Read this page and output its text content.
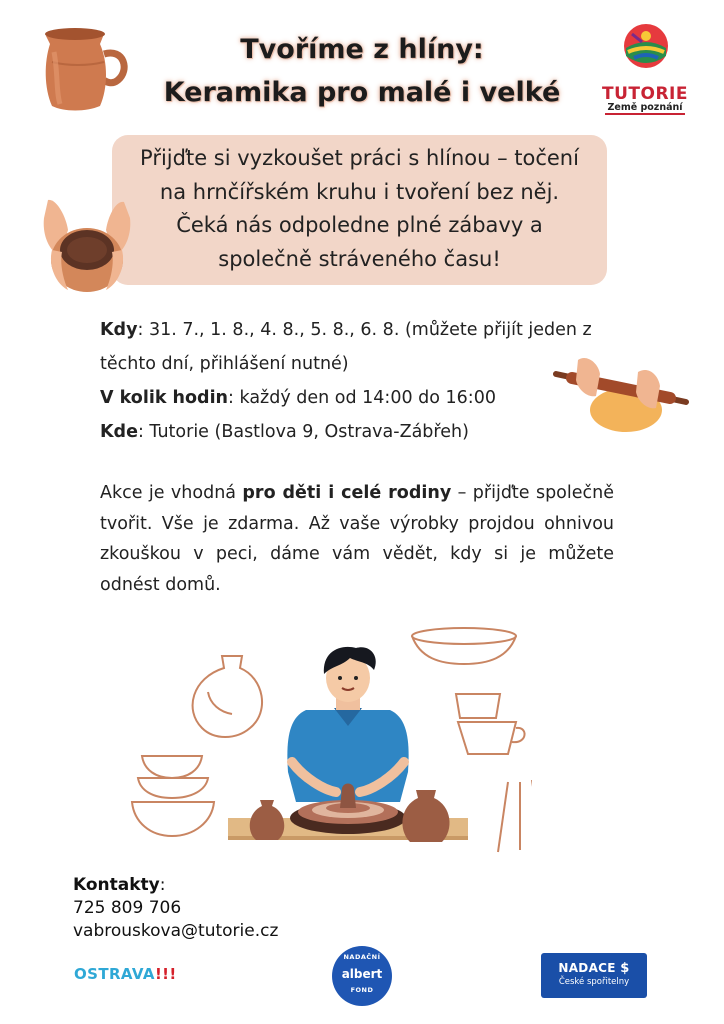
Tvoříme z hlíny:
Keramika pro malé i velké	TUTORIE
Země poznání
Přijďte si vyzkoušet práci s hlínou – točení
na hrnčířském kruhu i tvoření bez něj.
Čeká nás odpoledne plné zábavy a
společně stráveného času!
Kdy: 31. 7., 1. 8., 4. 8., 5. 8., 6. 8. (můžete přijít jeden z
těchto dní, přihlášení nutné)
V kolik hodin: každý den od 14:00 do 16:00
Kde: Tutorie (Bastlova 9, Ostrava-Zábřeh)
Akce je vhodná pro děti i celé rodiny – přijďte společně tvořit. Vše je zdarma. Až vaše výrobky projdou ohnivou zkouškou v peci, dáme vám vědět, kdy si je můžete odnést domů.
Kontakty:
725 809 706
vabrouskova@tutorie.cz
OSTRAVA!!!
NADAČNÍ
albert
FOND
NADACE $
České spořitelny
